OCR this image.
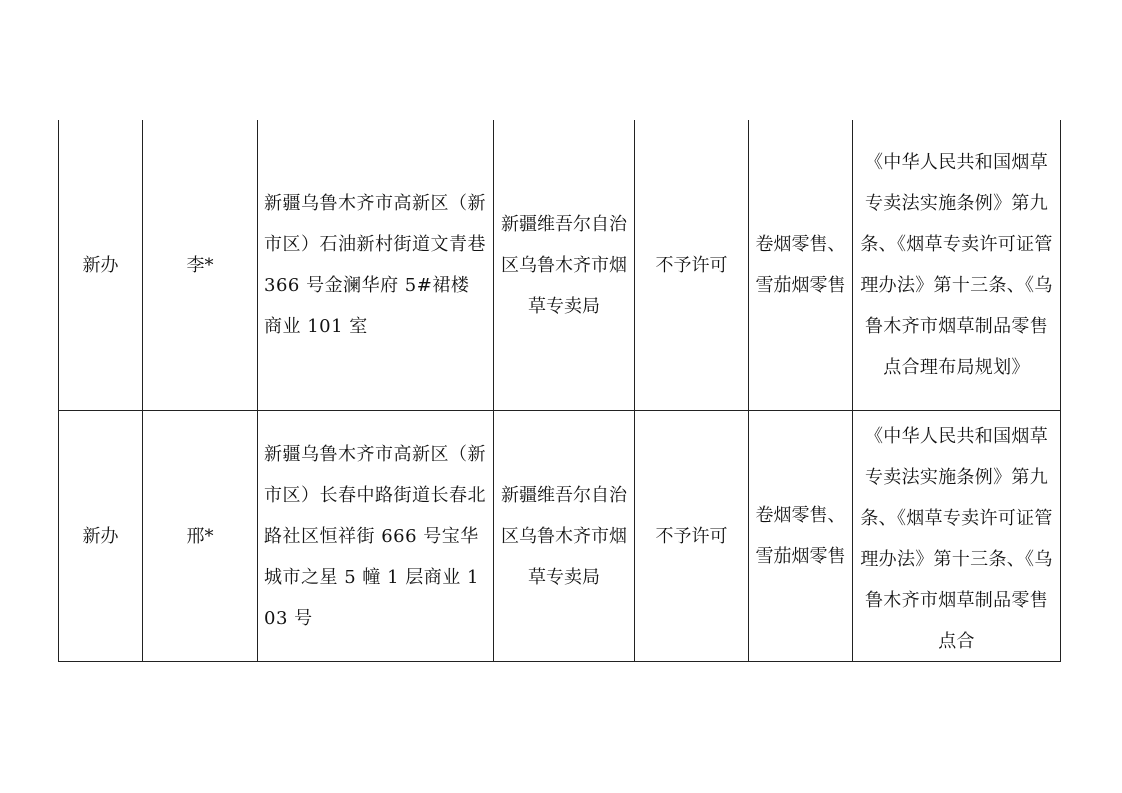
新办	李*	新疆乌鲁木齐市高新区（新市区）石油新村街道文青巷 366 号金澜华府 5#裙楼商业 101 室	新疆维吾尔自治区乌鲁木齐市烟草专卖局	不予许可	卷烟零售、雪茄烟零售	《中华人民共和国烟草专卖法实施条例》第九条、《烟草专卖许可证管理办法》第十三条、《乌鲁木齐市烟草制品零售点合理布局规划》

新办	邢*	新疆乌鲁木齐市高新区（新市区）长春中路街道长春北路社区恒祥街 666 号宝华城市之星 5 幢 1 层商业 103 号	新疆维吾尔自治区乌鲁木齐市烟草专卖局	不予许可	卷烟零售、雪茄烟零售	《中华人民共和国烟草专卖法实施条例》第九条、《烟草专卖许可证管理办法》第十三条、《乌鲁木齐市烟草制品零售点合
